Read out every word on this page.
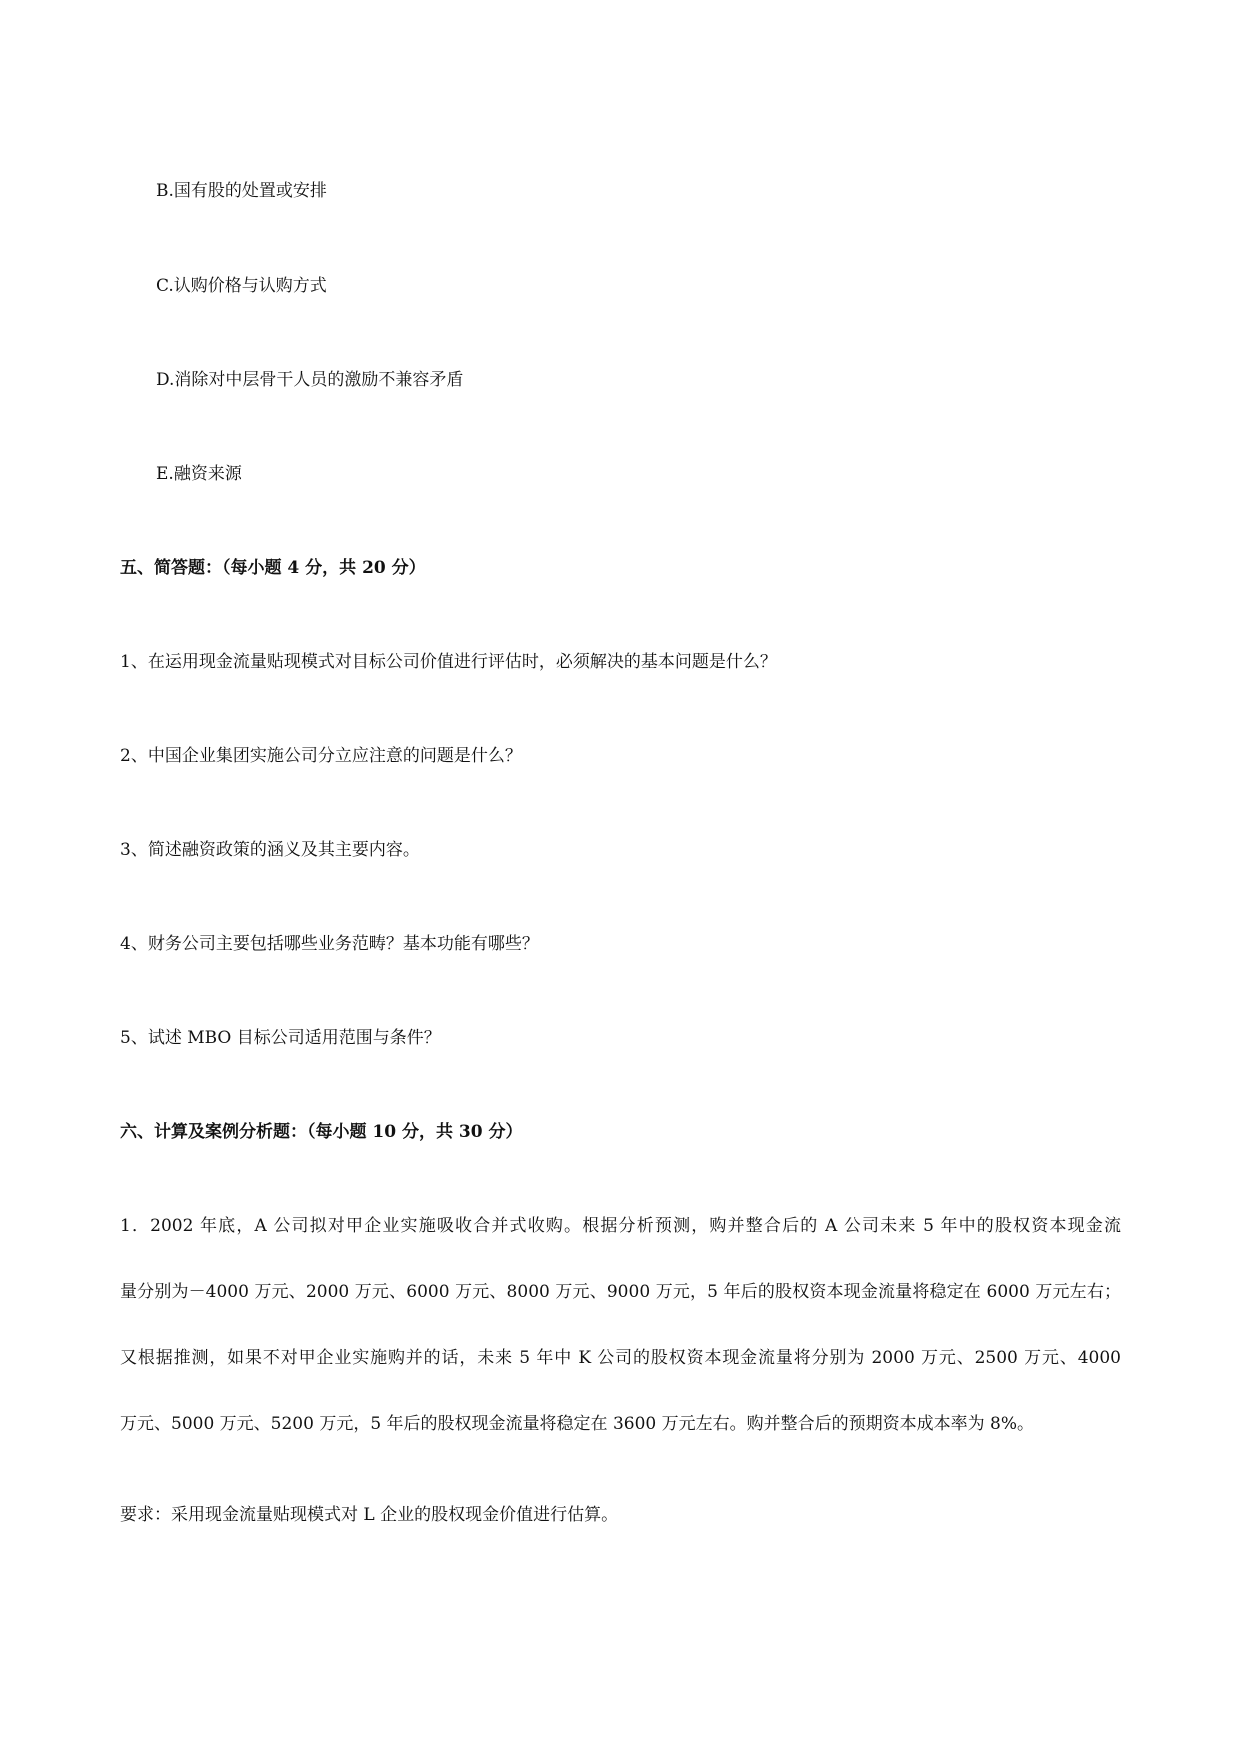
B.国有股的处置或安排
C.认购价格与认购方式
D.消除对中层骨干人员的激励不兼容矛盾
E.融资来源
五、简答题：（每小题 4 分，共 20 分）
1、在运用现金流量贴现模式对目标公司价值进行评估时，必须解决的基本问题是什么？
2、中国企业集团实施公司分立应注意的问题是什么？
3、简述融资政策的涵义及其主要内容。
4、财务公司主要包括哪些业务范畴？基本功能有哪些？
5、试述 MBO 目标公司适用范围与条件？
六、计算及案例分析题：（每小题 10 分，共 30 分）
1．2002 年底，A 公司拟对甲企业实施吸收合并式收购。根据分析预测，购并整合后的 A 公司未来 5 年中的股权资本现金流
量分别为－4000 万元、2000 万元、6000 万元、8000 万元、9000 万元，5 年后的股权资本现金流量将稳定在 6000 万元左右；
又根据推测，如果不对甲企业实施购并的话，未来 5 年中 K 公司的股权资本现金流量将分别为 2000 万元、2500 万元、4000
万元、5000 万元、5200 万元，5 年后的股权现金流量将稳定在 3600 万元左右。购并整合后的预期资本成本率为 8%。
要求：采用现金流量贴现模式对 L 企业的股权现金价值进行估算。
